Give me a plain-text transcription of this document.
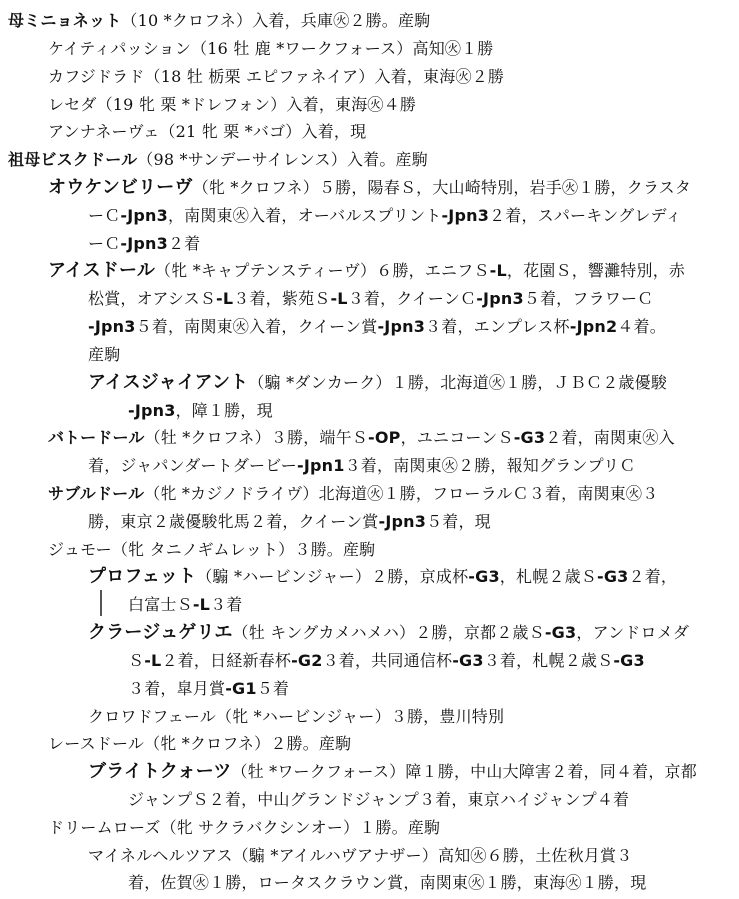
母ミニョネット（10 *クロフネ）入着，兵庫㊋２勝。産駒
ケイティパッション（16 牡 鹿 *ワークフォース）高知㊋１勝
カフジドラド（18 牡 栃栗 エピファネイア）入着，東海㊋２勝
レセダ（19 牝 栗 *ドレフォン）入着，東海㊋４勝
アンナネーヴェ（21 牝 栗 *バゴ）入着，現
祖母ビスクドール（98 *サンデーサイレンス）入着。産駒
オウケンビリーヴ（牝 *クロフネ）５勝，陽春Ｓ，大山崎特別，岩手㊋１勝，クラスタ
ーＣ-Jpn3，南関東㊋入着，オーバルスプリント-Jpn3２着，スパーキングレディ
ーＣ-Jpn3２着
アイスドール（牝 *キャプテンスティーヴ）６勝，エニフＳ-L，花園Ｓ，響灘特別，赤
松賞，オアシスＳ-L３着，紫苑Ｓ-L３着，クイーンＣ-Jpn3５着，フラワーＣ
-Jpn3５着，南関東㊋入着，クイーン賞-Jpn3３着，エンプレス杯-Jpn2４着。
産駒
アイスジャイアント（騸 *ダンカーク）１勝，北海道㊋１勝，ＪＢＣ２歳優駿
-Jpn3，障１勝，現
バトードール（牡 *クロフネ）３勝，端午Ｓ-OP，ユニコーンＳ-G3２着，南関東㊋入
着，ジャパンダートダービー-Jpn1３着，南関東㊋２勝，報知グランプリＣ
サブルドール（牝 *カジノドライヴ）北海道㊋１勝，フローラルＣ３着，南関東㊋３
勝，東京２歳優駿牝馬２着，クイーン賞-Jpn3５着，現
ジュモー（牝 タニノギムレット）３勝。産駒
プロフェット（騸 *ハービンジャー）２勝，京成杯-G3，札幌２歳Ｓ-G3２着，
白富士Ｓ-L３着
クラージュゲリエ（牡 キングカメハメハ）２勝，京都２歳Ｓ-G3，アンドロメダ
Ｓ-L２着，日経新春杯-G2３着，共同通信杯-G3３着，札幌２歳Ｓ-G3
３着，皐月賞-G1５着
クロワドフェール（牝 *ハービンジャー）３勝，豊川特別
レースドール（牝 *クロフネ）２勝。産駒
ブライトクォーツ（牡 *ワークフォース）障１勝，中山大障害２着，同４着，京都
ジャンプＳ２着，中山グランドジャンプ３着，東京ハイジャンプ４着
ドリームローズ（牝 サクラバクシンオー）１勝。産駒
マイネルヘルツアス（騸 *アイルハヴアナザー）高知㊋６勝，土佐秋月賞３
着，佐賀㊋１勝，ロータスクラウン賞，南関東㊋１勝，東海㊋１勝，現
